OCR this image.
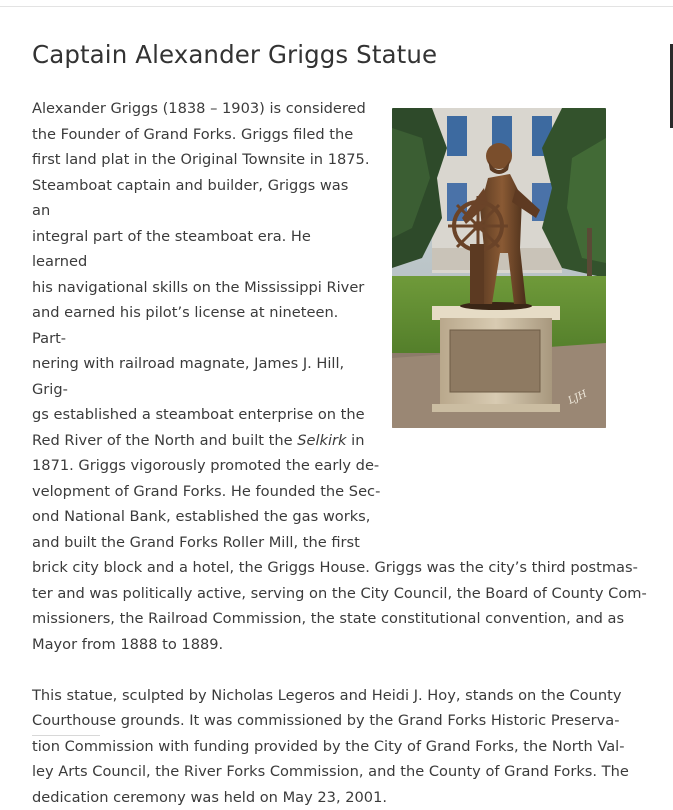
Captain Alexander Griggs Statue
LJH

Alexander Griggs (1838 – 1903) is considered
the Founder of Grand Forks. Griggs filed the
first land plat in the Original Townsite in 1875.
Steamboat captain and builder, Griggs was an
integral part of the steamboat era. He learned
his navigational skills on the Mississippi River
and earned his pilot’s license at nineteen. Part-
nering with railroad magnate, James J. Hill, Grig-
gs established a steamboat enterprise on the
Red River of the North and built the Selkirk in
1871. Griggs vigorously promoted the early de-
velopment of Grand Forks. He founded the Sec-
ond National Bank, established the gas works,
and built the Grand Forks Roller Mill, the first
brick city block and a hotel, the Griggs House. Griggs was the city’s third postmas-
ter and was politically active, serving on the City Council, the Board of County Com-
missioners, the Railroad Commission, the state constitutional convention, and as
Mayor from 1888 to 1889.

This statue, sculpted by Nicholas Legeros and Heidi J. Hoy, stands on the County
Courthouse grounds. It was commissioned by the Grand Forks Historic Preserva-
tion Commission with funding provided by the City of Grand Forks, the North Val-
ley Arts Council, the River Forks Commission, and the County of Grand Forks. The
dedication ceremony was held on May 23, 2001.
